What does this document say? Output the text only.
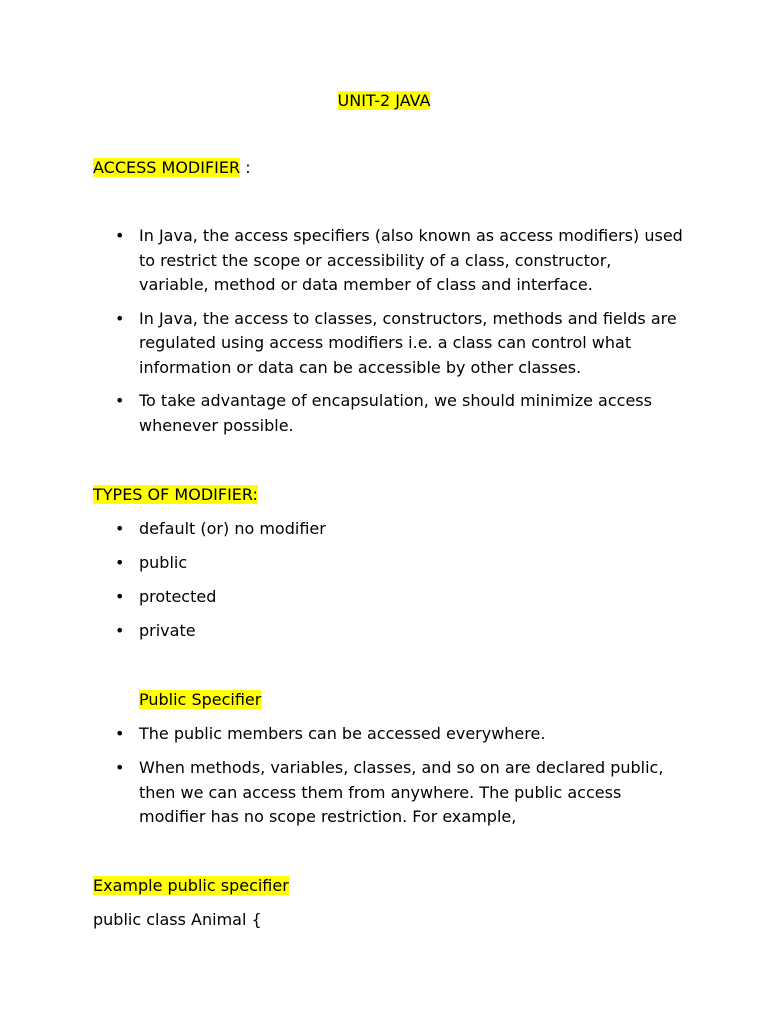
UNIT-2 JAVA
ACCESS MODIFIER :
• In Java, the access specifiers (also known as access modifiers) used to restrict the scope or accessibility of a class, constructor, variable, method or data member of class and interface.
• In Java, the access to classes, constructors, methods and fields are regulated using access modifiers i.e. a class can control what information or data can be accessible by other classes.
• To take advantage of encapsulation, we should minimize access whenever possible.
TYPES OF MODIFIER:
• default (or) no modifier
• public
• protected
• private
Public Specifier
• The public members can be accessed everywhere.
• When methods, variables, classes, and so on are declared public, then we can access them from anywhere. The public access modifier has no scope restriction. For example,
Example public specifier
public class Animal {
